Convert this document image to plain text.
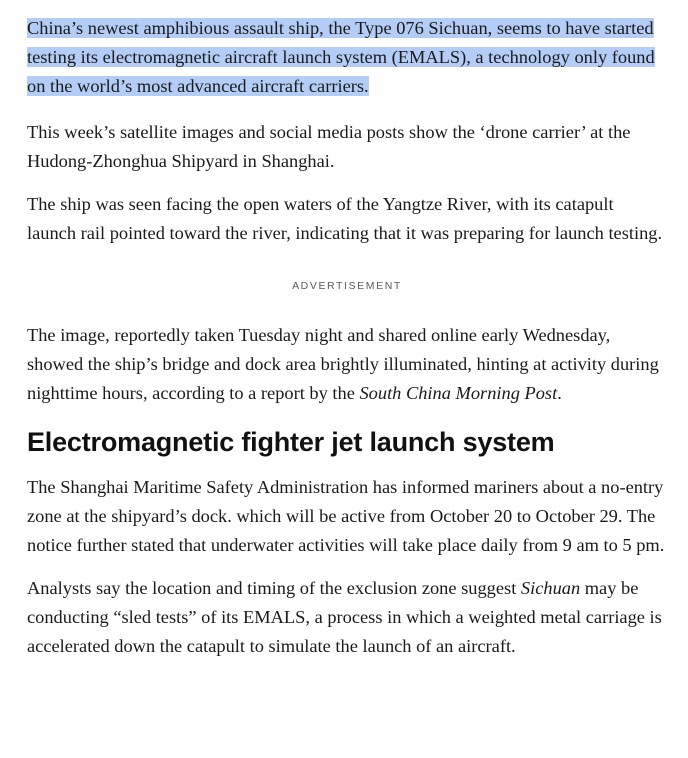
China’s newest amphibious assault ship, the Type 076 Sichuan, seems to have started testing its electromagnetic aircraft launch system (EMALS), a technology only found on the world’s most advanced aircraft carriers.

This week’s satellite images and social media posts show the ‘drone carrier’ at the Hudong-Zhonghua Shipyard in Shanghai.

The ship was seen facing the open waters of the Yangtze River, with its catapult launch rail pointed toward the river, indicating that it was preparing for launch testing.

ADVERTISEMENT

The image, reportedly taken Tuesday night and shared online early Wednesday, showed the ship’s bridge and dock area brightly illuminated, hinting at activity during nighttime hours, according to a report by the South China Morning Post.

Electromagnetic fighter jet launch system

The Shanghai Maritime Safety Administration has informed mariners about a no-entry zone at the shipyard’s dock. which will be active from October 20 to October 29. The notice further stated that underwater activities will take place daily from 9 am to 5 pm.

Analysts say the location and timing of the exclusion zone suggest Sichuan may be conducting “sled tests” of its EMALS, a process in which a weighted metal carriage is accelerated down the catapult to simulate the launch of an aircraft.
